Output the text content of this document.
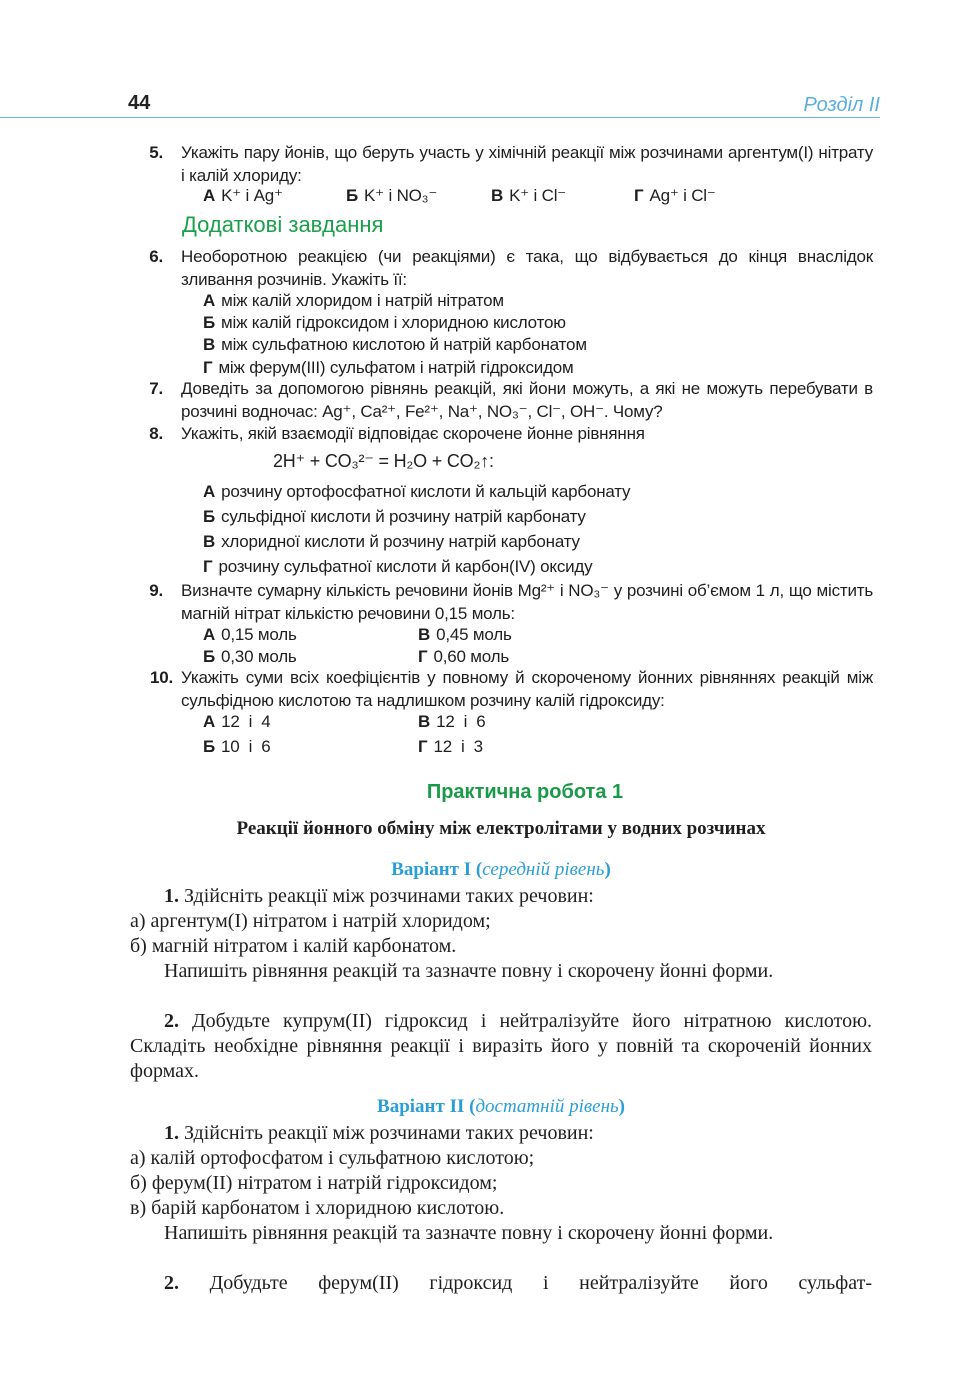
44	Розділ II
5. Укажіть пару йонів, що беруть участь у хімічній реакції між розчинами аргентум(І) нітрату і калій хлориду:
А K⁺ і Ag⁺	Б K⁺ і NO₃⁻	В K⁺ і Cl⁻	Г Ag⁺ і Cl⁻
Додаткові завдання
6. Необоротною реакцією (чи реакціями) є така, що відбувається до кінця внаслідок зливання розчинів. Укажіть її:
А між калій хлоридом і натрій нітратом
Б між калій гідроксидом і хлоридною кислотою
В між сульфатною кислотою й натрій карбонатом
Г між ферум(ІІІ) сульфатом і натрій гідроксидом
7. Доведіть за допомогою рівнянь реакцій, які йони можуть, а які не можуть перебувати в розчині водночас: Ag⁺, Ca²⁺, Fe²⁺, Na⁺, NO₃⁻, Cl⁻, OH⁻. Чому?
8. Укажіть, якій взаємодії відповідає скорочене йонне рівняння
2H⁺ + CO₃²⁻ = H₂O + CO₂↑:
А розчину ортофосфатної кислоти й кальцій карбонату
Б сульфідної кислоти й розчину натрій карбонату
В хлоридної кислоти й розчину натрій карбонату
Г розчину сульфатної кислоти й карбон(IV) оксиду
9. Визначте сумарну кількість речовини йонів Mg²⁺ і NO₃⁻ у розчині об’ємом 1 л, що містить магній нітрат кількістю речовини 0,15 моль:
А 0,15 моль	В 0,45 моль
Б 0,30 моль	Г 0,60 моль
10. Укажіть суми всіх коефіцієнтів у повному й скороченому йонних рівняннях реакцій між сульфідною кислотою та надлишком розчину калій гідроксиду:
А 12  і  4	В 12  і  6
Б 10  і  6	Г 12  і  3
Практична робота 1
Реакції йонного обміну між електролітами у водних розчинах
Варіант І (середній рівень)
1. Здійсніть реакції між розчинами таких речовин:
а) аргентум(І) нітратом і натрій хлоридом;
б) магній нітратом і калій карбонатом.
Напишіть рівняння реакцій та зазначте повну і скорочену йонні форми.
2. Добудьте купрум(ІІ) гідроксид і нейтралізуйте його нітратною кислотою. Складіть необхідне рівняння реакції і виразіть його у повній та скороченій йонних формах.
Варіант ІІ (достатній рівень)
1. Здійсніть реакції між розчинами таких речовин:
а) калій ортофосфатом і сульфатною кислотою;
б) ферум(ІІ) нітратом і натрій гідроксидом;
в) барій карбонатом і хлоридною кислотою.
Напишіть рівняння реакцій та зазначте повну і скорочену йонні форми.
2. Добудьте ферум(ІІ) гідроксид і нейтралізуйте його сульфат-
